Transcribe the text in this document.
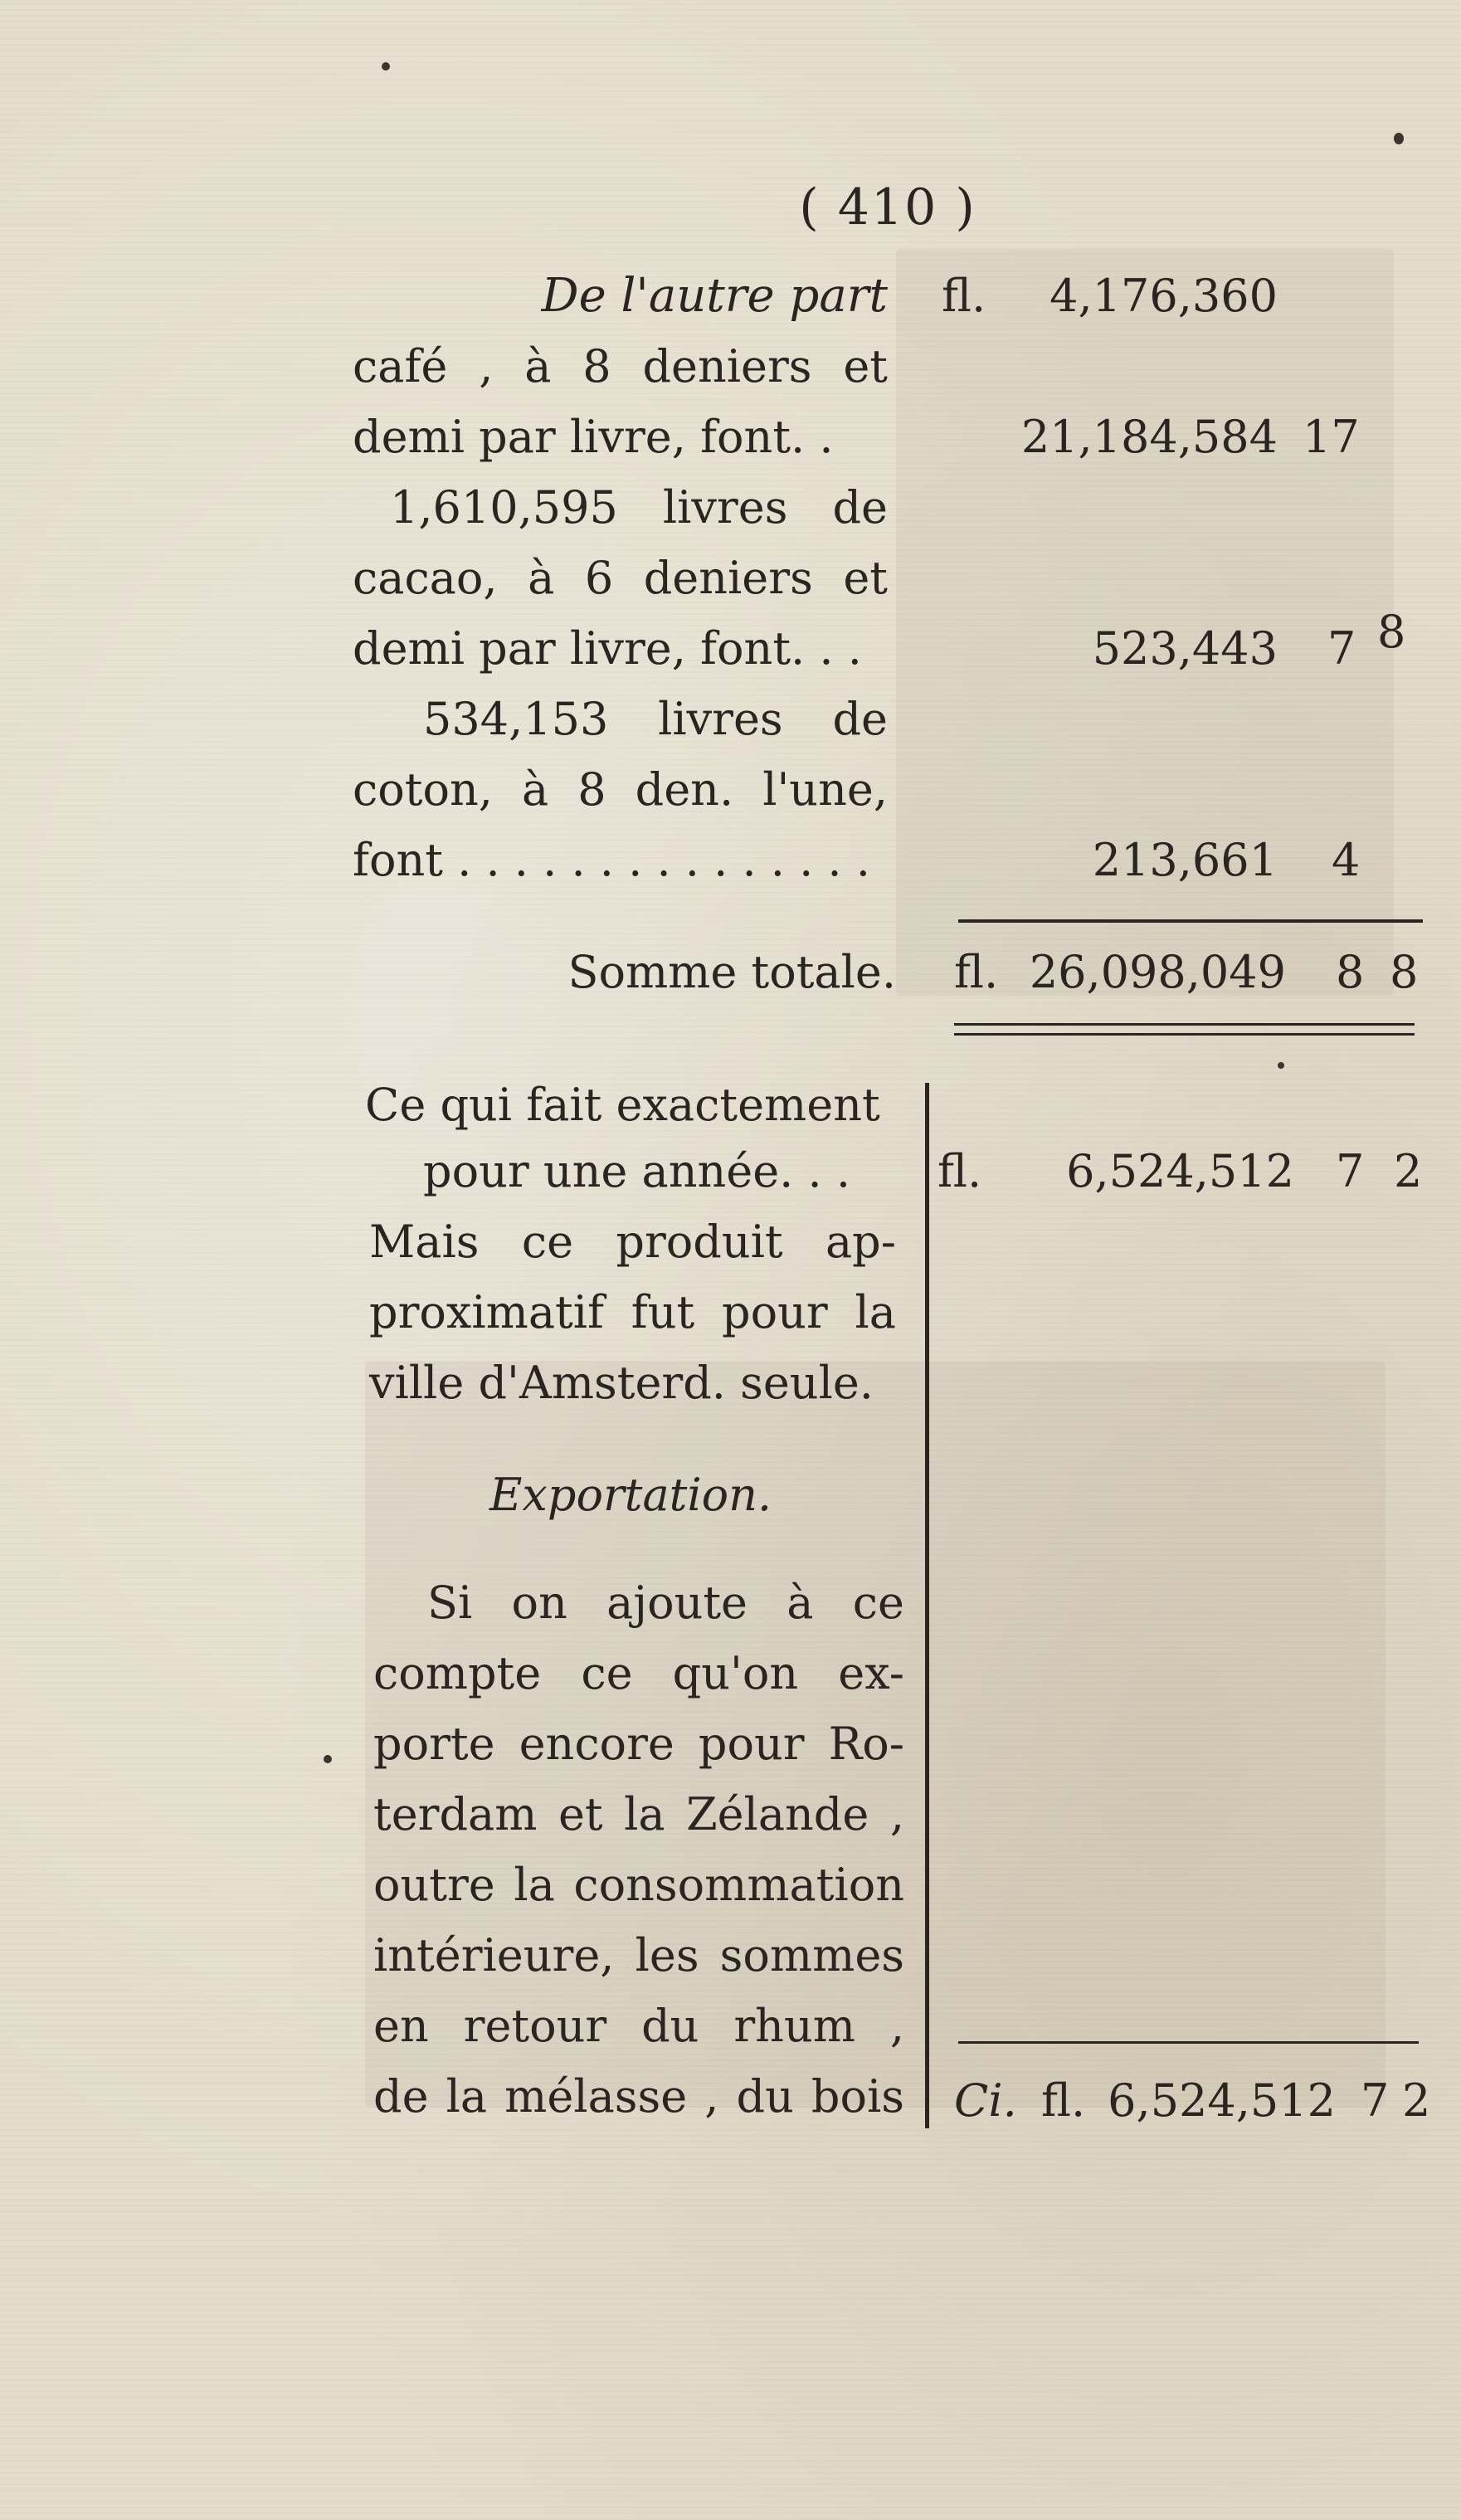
( 410 )
De l'autre part fl.	4,176,360
café , à 8 deniers et
demi par livre, font. .
1,610,595 livres de
cacao, à 6 deniers et
demi par livre, font. . .
534,153 livres de
coton, à 8 den. l'une,
font . . . . . . . . . . . . . . .
21,184,584 17
523,443 7 8
213,661 4
Somme totale. fl. 26,098,049 8 8
Ce qui fait exactement
pour une année. . .
Mais ce produit ap-
proximatif fut pour la
ville d'Amsterd. seule.
fl.	6,524,512 7 2
Exportation.
Si on ajoute à ce
compte ce qu'on ex-
porte encore pour Ro-
terdam et la Zélande ,
outre la consommation
intérieure, les sommes
en retour du rhum ,
de la mélasse , du bois Ci. fl. 6,524,512 7 2
